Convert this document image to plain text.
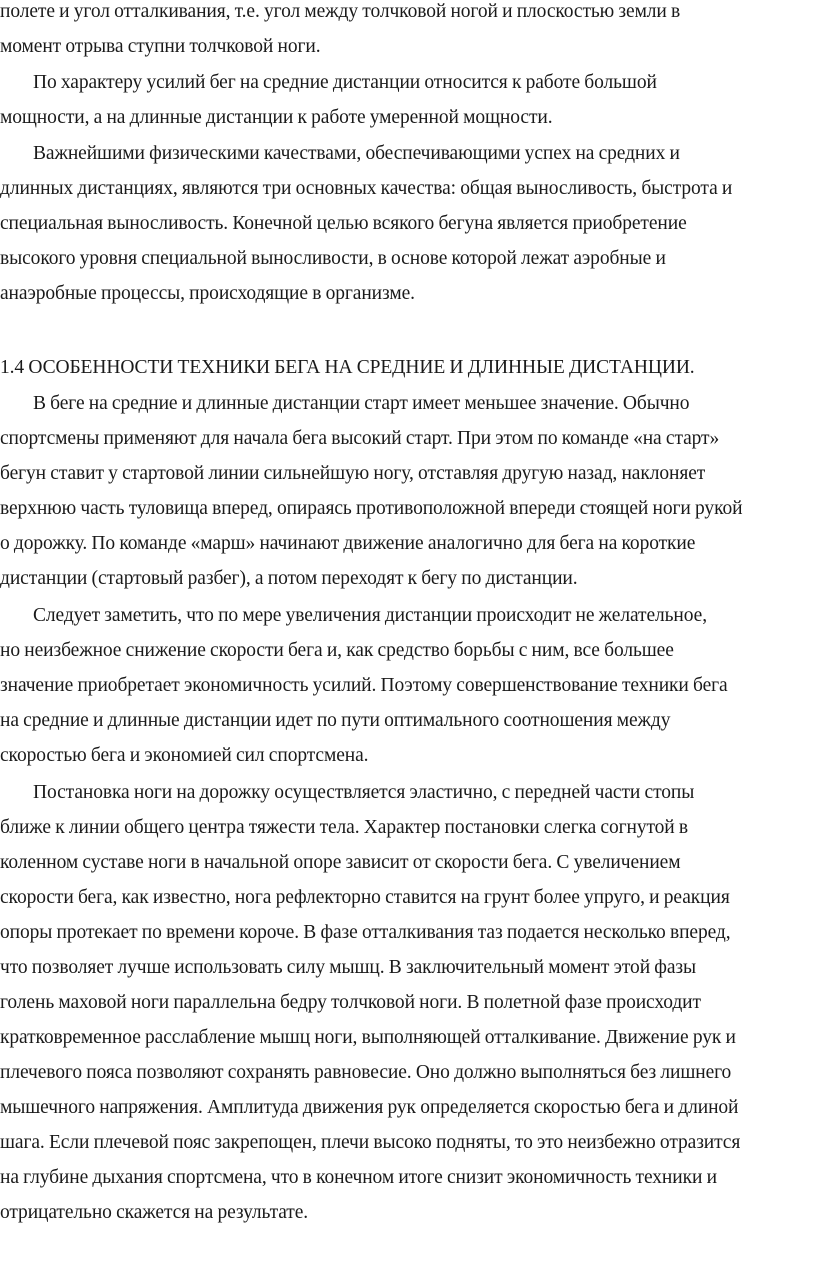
полете и угол отталкивания, т.е. угол между толчковой ногой и плоскостью земли в
момент отрыва ступни толчковой ноги.
По характеру усилий бег на средние дистанции относится к работе большой
мощности, а на длинные дистанции к работе умеренной мощности.
Важнейшими физическими качествами, обеспечивающими успех на средних и
длинных дистанциях, являются три основных качества: общая выносливость, быстрота и
специальная выносливость. Конечной целью всякого бегуна является приобретение
высокого уровня специальной выносливости, в основе которой лежат аэробные и
анаэробные процессы, происходящие в организме.
1.4 ОСОБЕННОСТИ ТЕХНИКИ БЕГА НА СРЕДНИЕ И ДЛИННЫЕ ДИСТАНЦИИ.
В беге на средние и длинные дистанции старт имеет меньшее значение. Обычно
спортсмены применяют для начала бега высокий старт. При этом по команде «на старт»
бегун ставит у стартовой линии сильнейшую ногу, отставляя другую назад, наклоняет
верхнюю часть туловища вперед, опираясь противоположной впереди стоящей ноги рукой
о дорожку. По команде «марш» начинают движение аналогично для бега на короткие
дистанции (стартовый разбег), а потом переходят к бегу по дистанции.
Следует заметить, что по мере увеличения дистанции происходит не желательное,
но неизбежное снижение скорости бега и, как средство борьбы с ним, все большее
значение приобретает экономичность усилий. Поэтому совершенствование техники бега
на средние и длинные дистанции идет по пути оптимального соотношения между
скоростью бега и экономией сил спортсмена.
Постановка ноги на дорожку осуществляется эластично, с передней части стопы
ближе к линии общего центра тяжести тела. Характер постановки слегка согнутой в
коленном суставе ноги в начальной опоре зависит от скорости бега. С увеличением
скорости бега, как известно, нога рефлекторно ставится на грунт более упруго, и реакция
опоры протекает по времени короче. В фазе отталкивания таз подается несколько вперед,
что позволяет лучше использовать силу мышц. В заключительный момент этой фазы
голень маховой ноги параллельна бедру толчковой ноги. В полетной фазе происходит
кратковременное расслабление мышц ноги, выполняющей отталкивание. Движение рук и
плечевого пояса позволяют сохранять равновесие. Оно должно выполняться без лишнего
мышечного напряжения. Амплитуда движения рук определяется скоростью бега и длиной
шага. Если плечевой пояс закрепощен, плечи высоко подняты, то это неизбежно отразится
на глубине дыхания спортсмена, что в конечном итоге снизит экономичность техники и
отрицательно скажется на результате.
